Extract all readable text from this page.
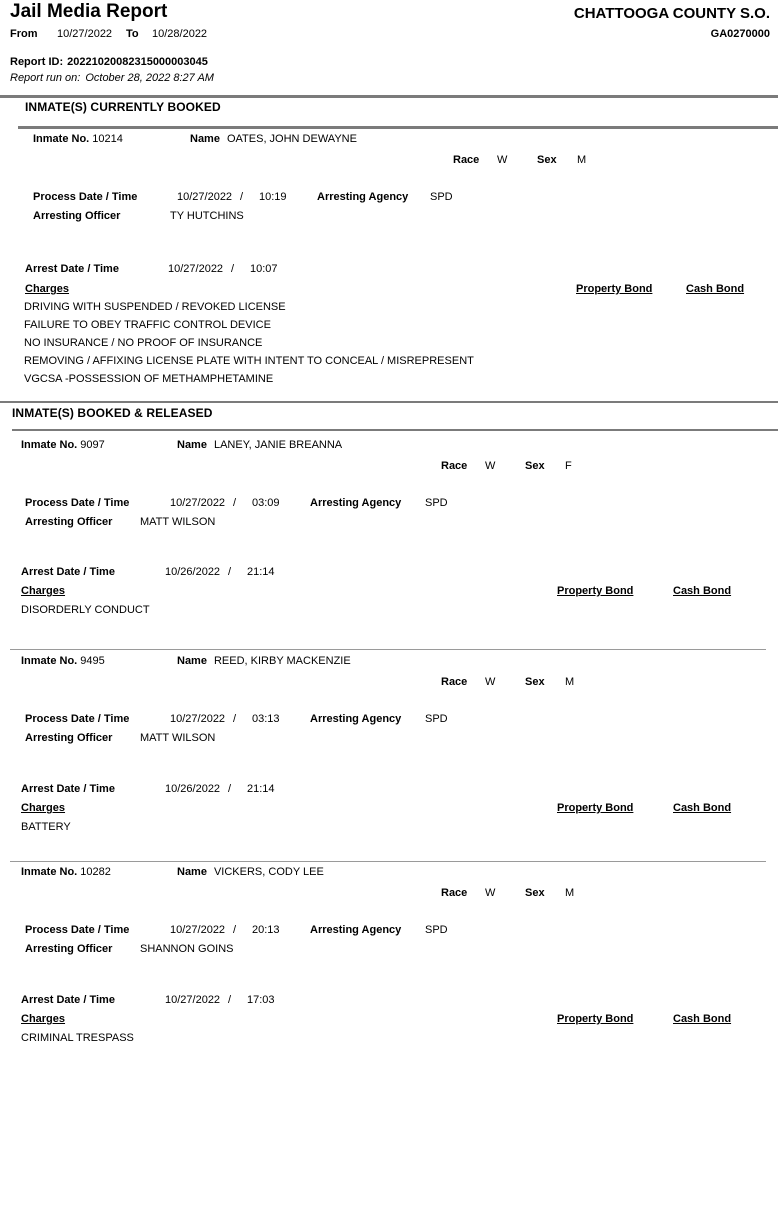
Jail Media Report	CHATTOOGA COUNTY S.O.
From	10/27/2022	To	10/28/2022	GA0270000
Report ID: 20221020082315000003045
Report run on: October 28, 2022 8:27 AM
INMATE(S) CURRENTLY BOOKED
Inmate No. 10214	Name OATES, JOHN DEWAYNE
Race	W	Sex	M
Process Date / Time	10/27/2022 /	10:19	Arresting Agency	SPD
Arresting Officer	TY HUTCHINS
Arrest Date / Time	10/27/2022 /	10:07
Charges	Property Bond	Cash Bond
DRIVING WITH SUSPENDED / REVOKED LICENSE
FAILURE TO OBEY TRAFFIC CONTROL DEVICE
NO INSURANCE / NO PROOF OF INSURANCE
REMOVING / AFFIXING LICENSE PLATE WITH INTENT TO CONCEAL / MISREPRESENT
VGCSA -POSSESSION OF METHAMPHETAMINE
INMATE(S) BOOKED & RELEASED
Inmate No. 9097	Name LANEY, JANIE BREANNA
Race	W	Sex	F
Process Date / Time	10/27/2022 /	03:09	Arresting Agency	SPD
Arresting Officer	MATT WILSON
Arrest Date / Time	10/26/2022 /	21:14
Charges	Property Bond	Cash Bond
DISORDERLY CONDUCT
Inmate No. 9495	Name REED, KIRBY MACKENZIE
Race	W	Sex	M
Process Date / Time	10/27/2022 /	03:13	Arresting Agency	SPD
Arresting Officer	MATT WILSON
Arrest Date / Time	10/26/2022 /	21:14
Charges	Property Bond	Cash Bond
BATTERY
Inmate No. 10282	Name VICKERS, CODY LEE
Race	W	Sex	M
Process Date / Time	10/27/2022 /	20:13	Arresting Agency	SPD
Arresting Officer	SHANNON GOINS
Arrest Date / Time	10/27/2022 /	17:03
Charges	Property Bond	Cash Bond
CRIMINAL TRESPASS
